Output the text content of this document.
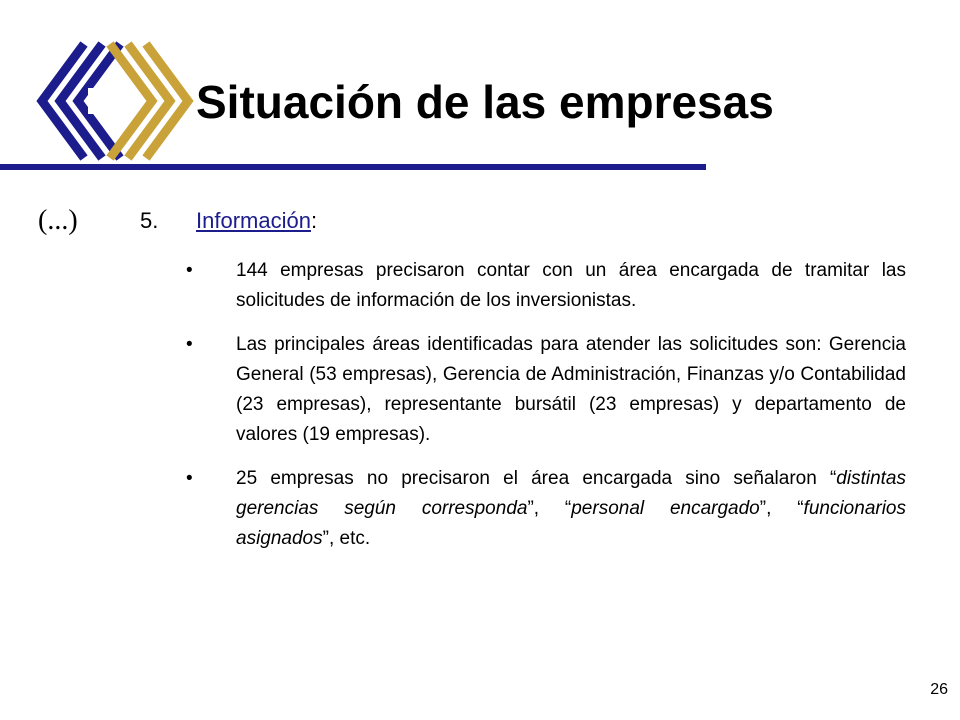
Situación de las empresas
(...)	5. Información:
•	144 empresas precisaron contar con un área encargada de tramitar las solicitudes de información de los inversionistas.
•	Las principales áreas identificadas para atender las solicitudes son: Gerencia General (53 empresas), Gerencia de Administración, Finanzas y/o Contabilidad (23 empresas), representante bursátil (23 empresas) y departamento de valores (19 empresas).
•	25 empresas no precisaron el área encargada sino señalaron “distintas gerencias según corresponda”, “personal encargado”, “funcionarios asignados”, etc.
26
